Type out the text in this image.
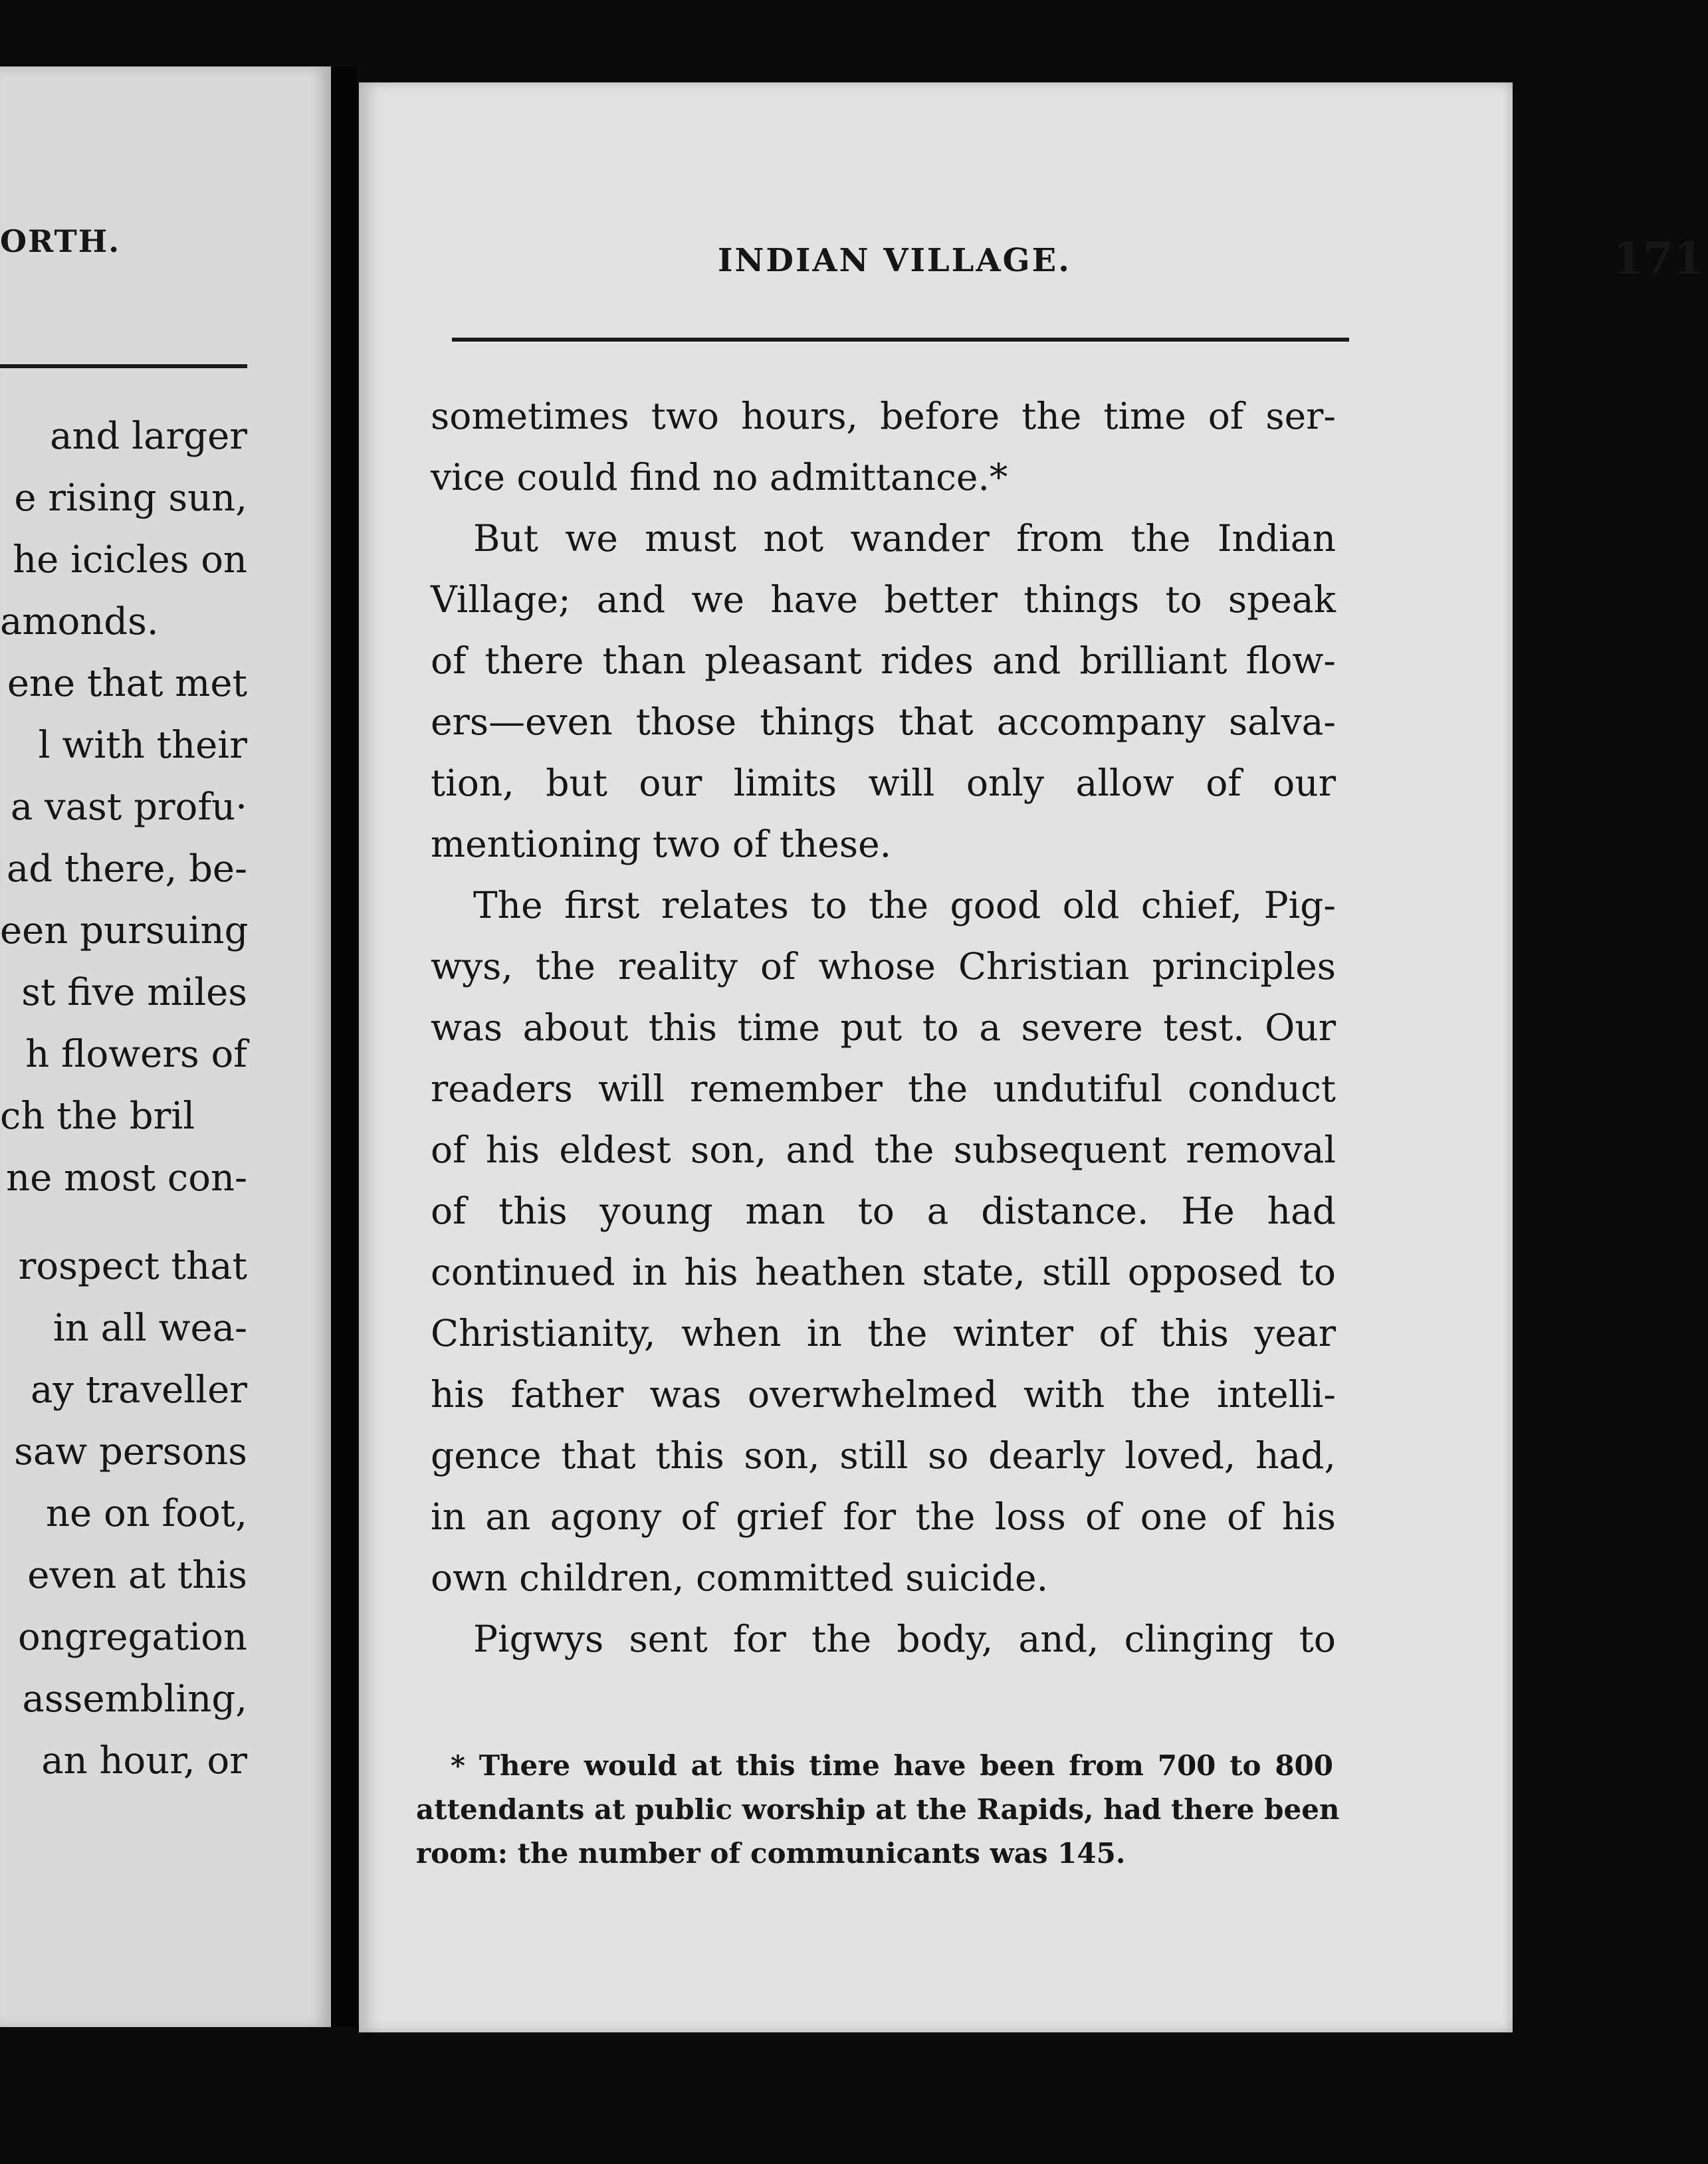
ORTH.
and larger
e rising sun,
he icicles on
amonds.
ene that met
l with their
a vast profu·
ad there, be-
een pursuing
st five miles
h flowers of
ch the bril
ne most con-
rospect that
in all wea-
ay traveller
saw persons
ne on foot,
even at this
ongregation
assembling,
an hour, or
INDIAN VILLAGE.	171

sometimes two hours, before the time of ser-
vice could find no admittance.*

But we must not wander from the Indian
Village; and we have better things to speak
of there than pleasant rides and brilliant flow-
ers—even those things that accompany salva-
tion, but our limits will only allow of our
mentioning two of these.

The first relates to the good old chief, Pig-
wys, the reality of whose Christian principles
was about this time put to a severe test. Our
readers will remember the undutiful conduct
of his eldest son, and the subsequent removal
of this young man to a distance. He had
continued in his heathen state, still opposed to
Christianity, when in the winter of this year
his father was overwhelmed with the intelli-
gence that this son, still so dearly loved, had,
in an agony of grief for the loss of one of his
own children, committed suicide.

Pigwys sent for the body, and, clinging to

* There would at this time have been from 700 to 800
attendants at public worship at the Rapids, had there been
room: the number of communicants was 145.
